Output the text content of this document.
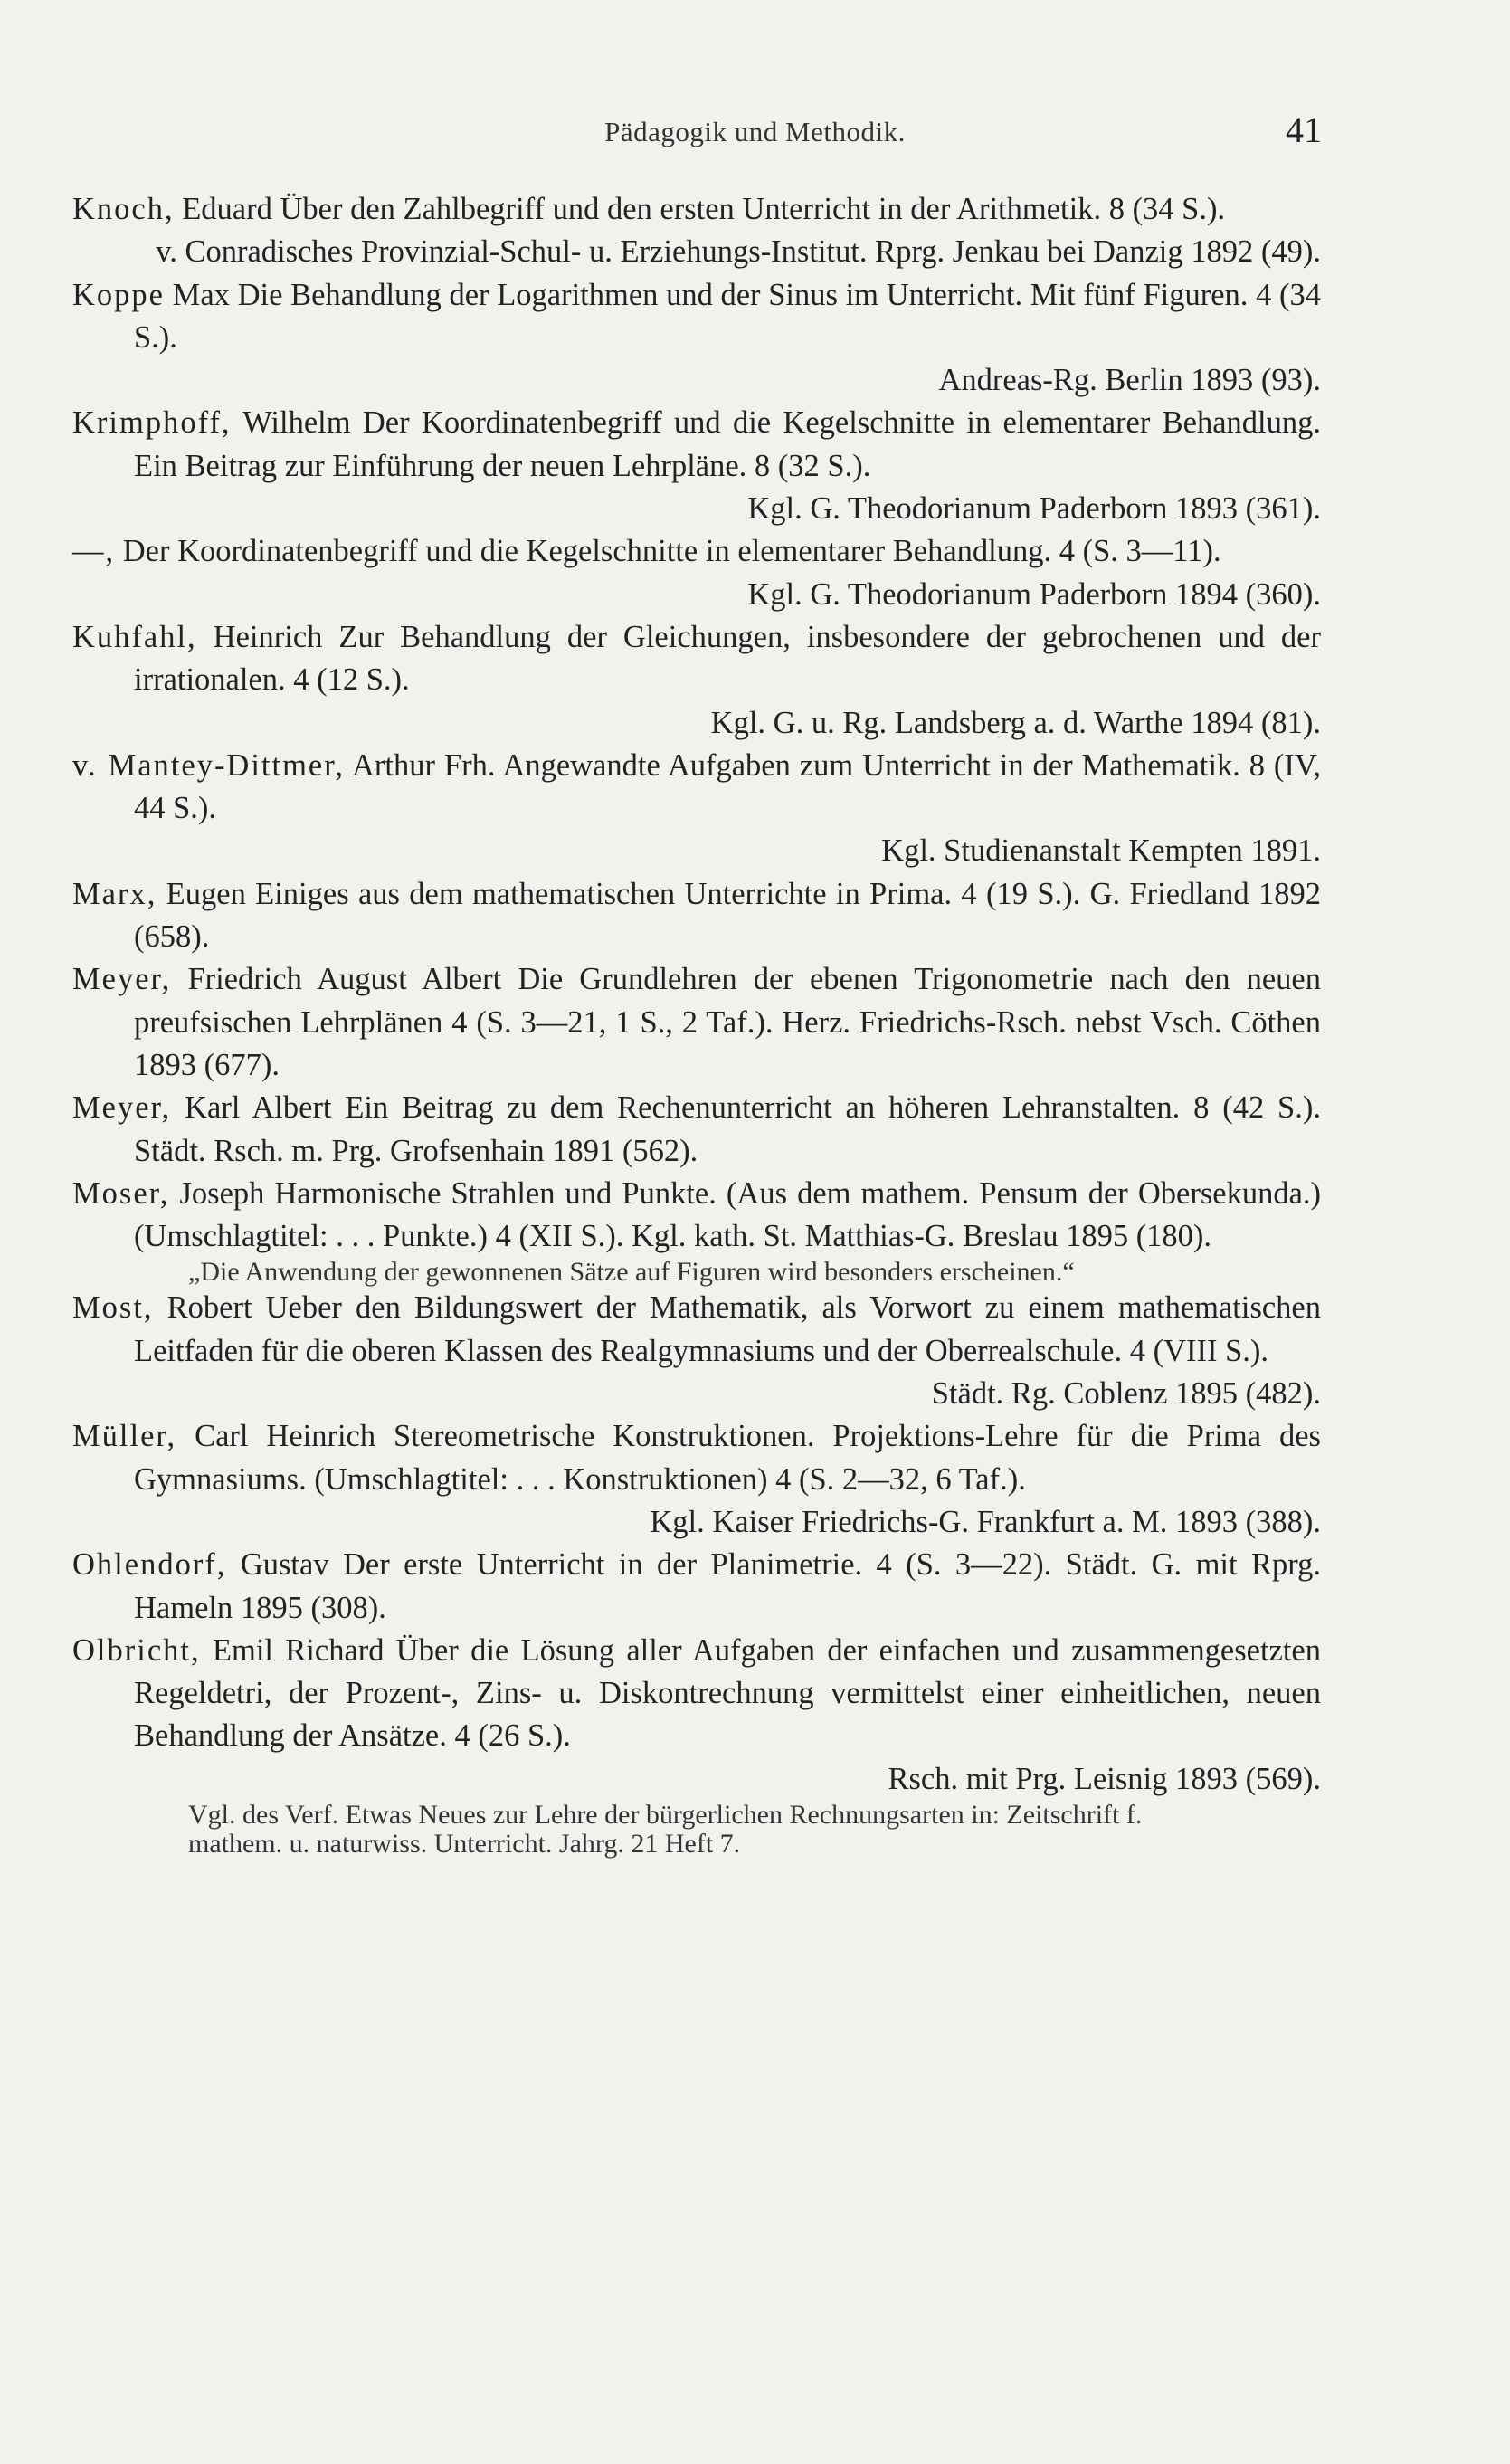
Pädagogik und Methodik.	41

Knoch, Eduard Über den Zahlbegriff und den ersten Unterricht in der Arithmetik. 8 (34 S.).

v. Conradisches Provinzial-Schul- u. Erziehungs-Institut. Rprg. Jenkau bei Danzig 1892 (49).

Koppe Max Die Behandlung der Logarithmen und der Sinus im Unterricht. Mit fünf Figuren. 4 (34 S.).

Andreas-Rg. Berlin 1893 (93).

Krimphoff, Wilhelm Der Koordinatenbegriff und die Kegelschnitte in elementarer Behandlung. Ein Beitrag zur Einführung der neuen Lehrpläne. 8 (32 S.).

Kgl. G. Theodorianum Paderborn 1893 (361).

—, Der Koordinatenbegriff und die Kegelschnitte in elementarer Behandlung. 4 (S. 3—11).

Kgl. G. Theodorianum Paderborn 1894 (360).

Kuhfahl, Heinrich Zur Behandlung der Gleichungen, insbesondere der gebrochenen und der irrationalen. 4 (12 S.).

Kgl. G. u. Rg. Landsberg a. d. Warthe 1894 (81).

v. Mantey-Dittmer, Arthur Frh. Angewandte Aufgaben zum Unterricht in der Mathematik. 8 (IV, 44 S.).

Kgl. Studienanstalt Kempten 1891.

Marx, Eugen Einiges aus dem mathematischen Unterrichte in Prima. 4 (19 S.). G. Friedland 1892 (658).

Meyer, Friedrich August Albert Die Grundlehren der ebenen Trigonometrie nach den neuen preufsischen Lehrplänen 4 (S. 3—21, 1 S., 2 Taf.). Herz. Friedrichs-Rsch. nebst Vsch. Cöthen 1893 (677).

Meyer, Karl Albert Ein Beitrag zu dem Rechenunterricht an höheren Lehranstalten. 8 (42 S.). Städt. Rsch. m. Prg. Grofsenhain 1891 (562).

Moser, Joseph Harmonische Strahlen und Punkte. (Aus dem mathem. Pensum der Obersekunda.) (Umschlagtitel: . . . Punkte.) 4 (XII S.). Kgl. kath. St. Matthias-G. Breslau 1895 (180).

„Die Anwendung der gewonnenen Sätze auf Figuren wird besonders erscheinen.“

Most, Robert Ueber den Bildungswert der Mathematik, als Vorwort zu einem mathematischen Leitfaden für die oberen Klassen des Realgymnasiums und der Oberrealschule. 4 (VIII S.).

Städt. Rg. Coblenz 1895 (482).

Müller, Carl Heinrich Stereometrische Konstruktionen. Projektions-Lehre für die Prima des Gymnasiums. (Umschlagtitel: . . . Konstruktionen) 4 (S. 2—32, 6 Taf.).

Kgl. Kaiser Friedrichs-G. Frankfurt a. M. 1893 (388).

Ohlendorf, Gustav Der erste Unterricht in der Planimetrie. 4 (S. 3—22). Städt. G. mit Rprg. Hameln 1895 (308).

Olbricht, Emil Richard Über die Lösung aller Aufgaben der einfachen und zusammengesetzten Regeldetri, der Prozent-, Zins- u. Diskontrechnung vermittelst einer einheitlichen, neuen Behandlung der Ansätze. 4 (26 S.).

Rsch. mit Prg. Leisnig 1893 (569).

Vgl. des Verf. Etwas Neues zur Lehre der bürgerlichen Rechnungsarten in: Zeitschrift f. mathem. u. naturwiss. Unterricht. Jahrg. 21 Heft 7.
